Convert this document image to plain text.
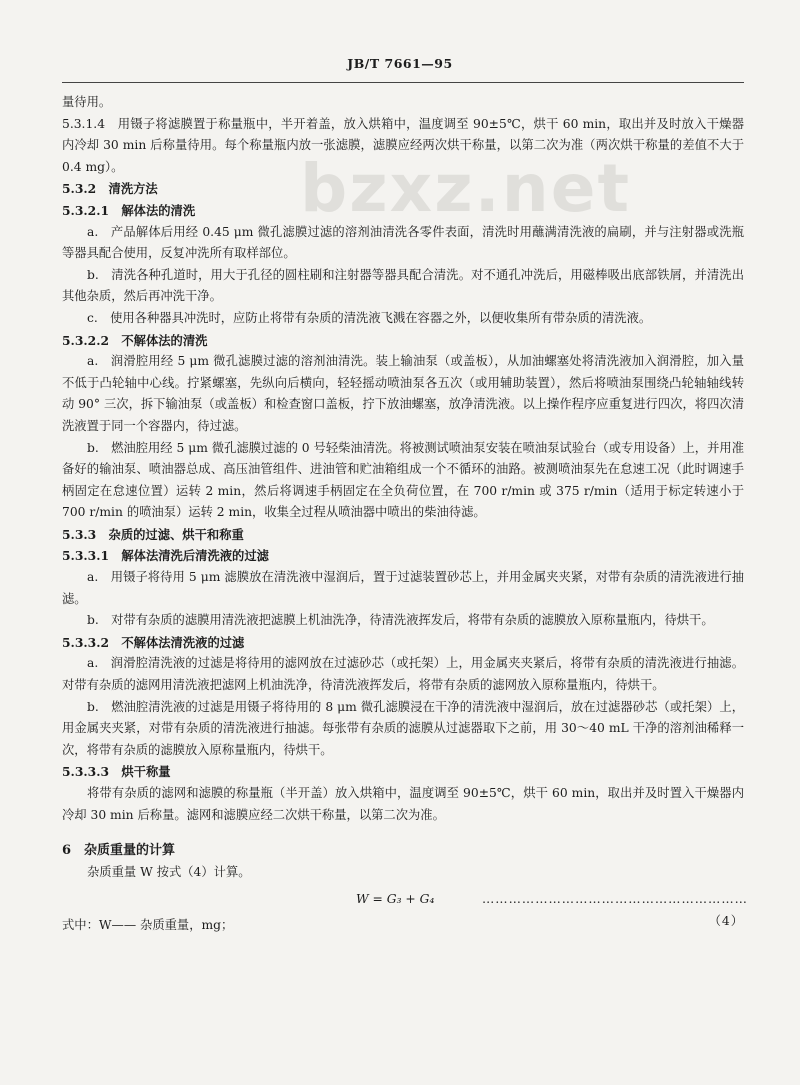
JB/T 7661—95
bzxz.net

量待用。

5.3.1.4　用镊子将滤膜置于称量瓶中，半开着盖，放入烘箱中，温度调至 90±5℃，烘干 60 min，取出并及时放入干燥器内冷却 30 min 后称量待用。每个称量瓶内放一张滤膜，滤膜应经两次烘干称量，以第二次为准（两次烘干称量的差值不大于 0.4 mg）。

5.3.2　清洗方法

5.3.2.1　解体法的清洗

a.　产品解体后用经 0.45 μm 微孔滤膜过滤的溶剂油清洗各零件表面，清洗时用蘸满清洗液的扁刷，并与注射器或洗瓶等器具配合使用，反复冲洗所有取样部位。

b.　清洗各种孔道时，用大于孔径的圆柱刷和注射器等器具配合清洗。对不通孔冲洗后，用磁棒吸出底部铁屑，并清洗出其他杂质，然后再冲洗干净。

c.　使用各种器具冲洗时，应防止将带有杂质的清洗液飞溅在容器之外，以便收集所有带杂质的清洗液。

5.3.2.2　不解体法的清洗

a.　润滑腔用经 5 μm 微孔滤膜过滤的溶剂油清洗。装上输油泵（或盖板），从加油螺塞处将清洗液加入润滑腔，加入量不低于凸轮轴中心线。拧紧螺塞，先纵向后横向，轻轻摇动喷油泵各五次（或用辅助装置），然后将喷油泵围绕凸轮轴轴线转动 90° 三次，拆下输油泵（或盖板）和检查窗口盖板，拧下放油螺塞，放净清洗液。以上操作程序应重复进行四次，将四次清洗液置于同一个容器内，待过滤。

b.　燃油腔用经 5 μm 微孔滤膜过滤的 0 号轻柴油清洗。将被测试喷油泵安装在喷油泵试验台（或专用设备）上，并用准备好的输油泵、喷油器总成、高压油管组件、进油管和贮油箱组成一个不循环的油路。被测喷油泵先在怠速工况（此时调速手柄固定在怠速位置）运转 2 min，然后将调速手柄固定在全负荷位置，在 700 r/min 或 375 r/min（适用于标定转速小于 700 r/min 的喷油泵）运转 2 min，收集全过程从喷油器中喷出的柴油待滤。

5.3.3　杂质的过滤、烘干和称重

5.3.3.1　解体法清洗后清洗液的过滤

a.　用镊子将待用 5 μm 滤膜放在清洗液中湿润后，置于过滤装置砂芯上，并用金属夹夹紧，对带有杂质的清洗液进行抽滤。

b.　对带有杂质的滤膜用清洗液把滤膜上机油洗净，待清洗液挥发后，将带有杂质的滤膜放入原称量瓶内，待烘干。

5.3.3.2　不解体法清洗液的过滤

a.　润滑腔清洗液的过滤是将待用的滤网放在过滤砂芯（或托架）上，用金属夹夹紧后，将带有杂质的清洗液进行抽滤。对带有杂质的滤网用清洗液把滤网上机油洗净，待清洗液挥发后，将带有杂质的滤网放入原称量瓶内，待烘干。

b.　燃油腔清洗液的过滤是用镊子将待用的 8 μm 微孔滤膜浸在干净的清洗液中湿润后，放在过滤器砂芯（或托架）上，用金属夹夹紧，对带有杂质的清洗液进行抽滤。每张带有杂质的滤膜从过滤器取下之前，用 30～40 mL 干净的溶剂油稀释一次，将带有杂质的滤膜放入原称量瓶内，待烘干。

5.3.3.3　烘干称量

将带有杂质的滤网和滤膜的称量瓶（半开盖）放入烘箱中，温度调至 90±5℃，烘干 60 min，取出并及时置入干燥器内冷却 30 min 后称量。滤网和滤膜应经二次烘干称量，以第二次为准。

6　杂质重量的计算

杂质重量 W 按式（4）计算。

W = G₃ + G₄	……………………………………………………（4）

式中：W—— 杂质重量，mg；
